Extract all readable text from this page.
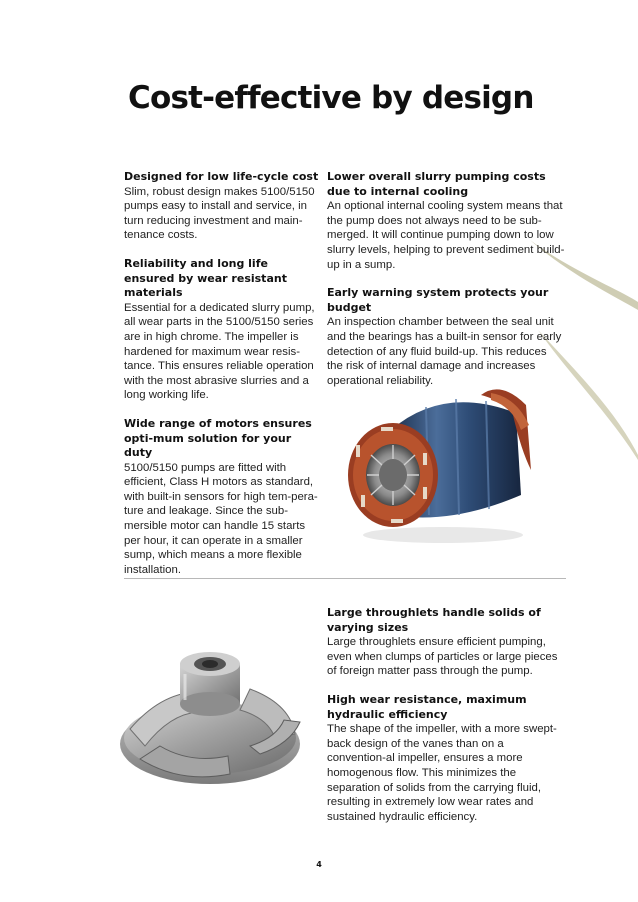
Cost-effective by design
Designed for low life-cycle cost

Slim, robust design makes 5100/5150 pumps easy to install and service, in turn reducing investment and main-tenance costs.

Reliability and long life ensured by wear resistant materials

Essential for a dedicated slurry pump, all wear parts in the 5100/5150 series are in high chrome. The impeller is hardened for maximum wear resis-tance. This ensures reliable operation with the most abrasive slurries and a long working life.

Wide range of motors ensures opti-mum solution for your duty

5100/5150 pumps are fitted with efficient, Class H motors as standard, with built-in sensors for high tem-pera-ture and leakage. Since the sub-mersible motor can handle 15 starts per hour, it can operate in a smaller sump, which means a more flexible installation.

Lower overall slurry pumping costs due to internal cooling

An optional internal cooling system means that the pump does not always need to be sub-merged. It will continue pumping down to low slurry levels, helping to prevent sediment build-up in a sump.

Early warning system protects your budget

An inspection chamber between the seal unit and the bearings has a built-in sensor for early detection of any fluid build-up. This reduces the risk of internal damage and increases operational reliability.

Large throughlets handle solids of varying sizes

Large throughlets ensure efficient pumping, even when clumps of particles or large pieces of foreign matter pass through the pump.

High wear resistance, maximum hydraulic efficiency

The shape of the impeller, with a more swept-back design of the vanes than on a convention-al impeller, ensures a more homogenous flow. This minimizes the separation of solids from the carrying fluid, resulting in extremely low wear rates and sustained hydraulic efficiency.

4
